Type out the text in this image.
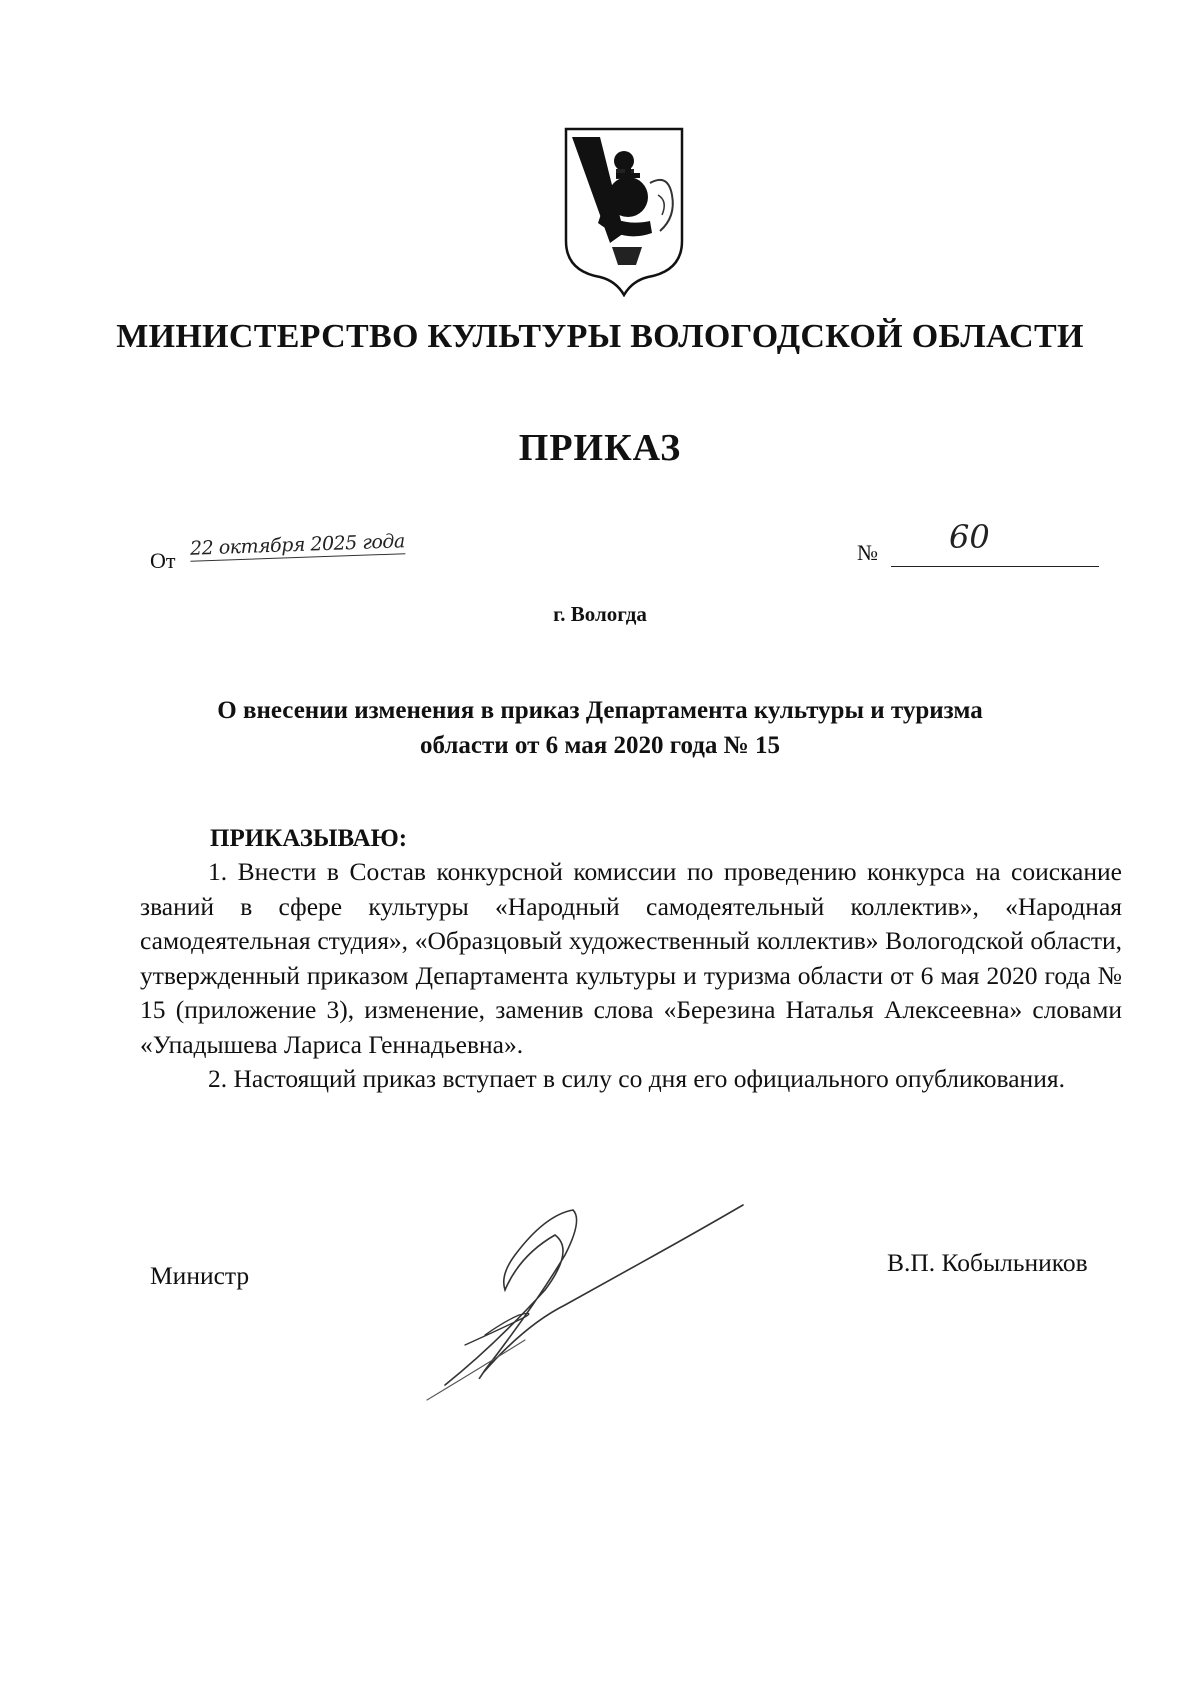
МИНИСТЕРСТВО КУЛЬТУРЫ ВОЛОГОДСКОЙ ОБЛАСТИ
ПРИКАЗ
От
22 октября 2025 года	№ 60
г. Вологда
О внесении изменения в приказ Департамента культуры и туризма
области от 6 мая 2020 года № 15
ПРИКАЗЫВАЮ:

1. Внести в Состав конкурсной комиссии по проведению конкурса на соискание званий в сфере культуры «Народный самодеятельный коллектив», «Народная самодеятельная студия», «Образцовый художественный коллектив» Вологодской области, утвержденный приказом Департамента культуры и туризма области от 6 мая 2020 года № 15 (приложение 3), изменение, заменив слова «Березина Наталья Алексеевна» словами «Упадышева Лариса Геннадьевна».

2. Настоящий приказ вступает в силу со дня его официального опубликования.

Министр	В.П. Кобыльников
